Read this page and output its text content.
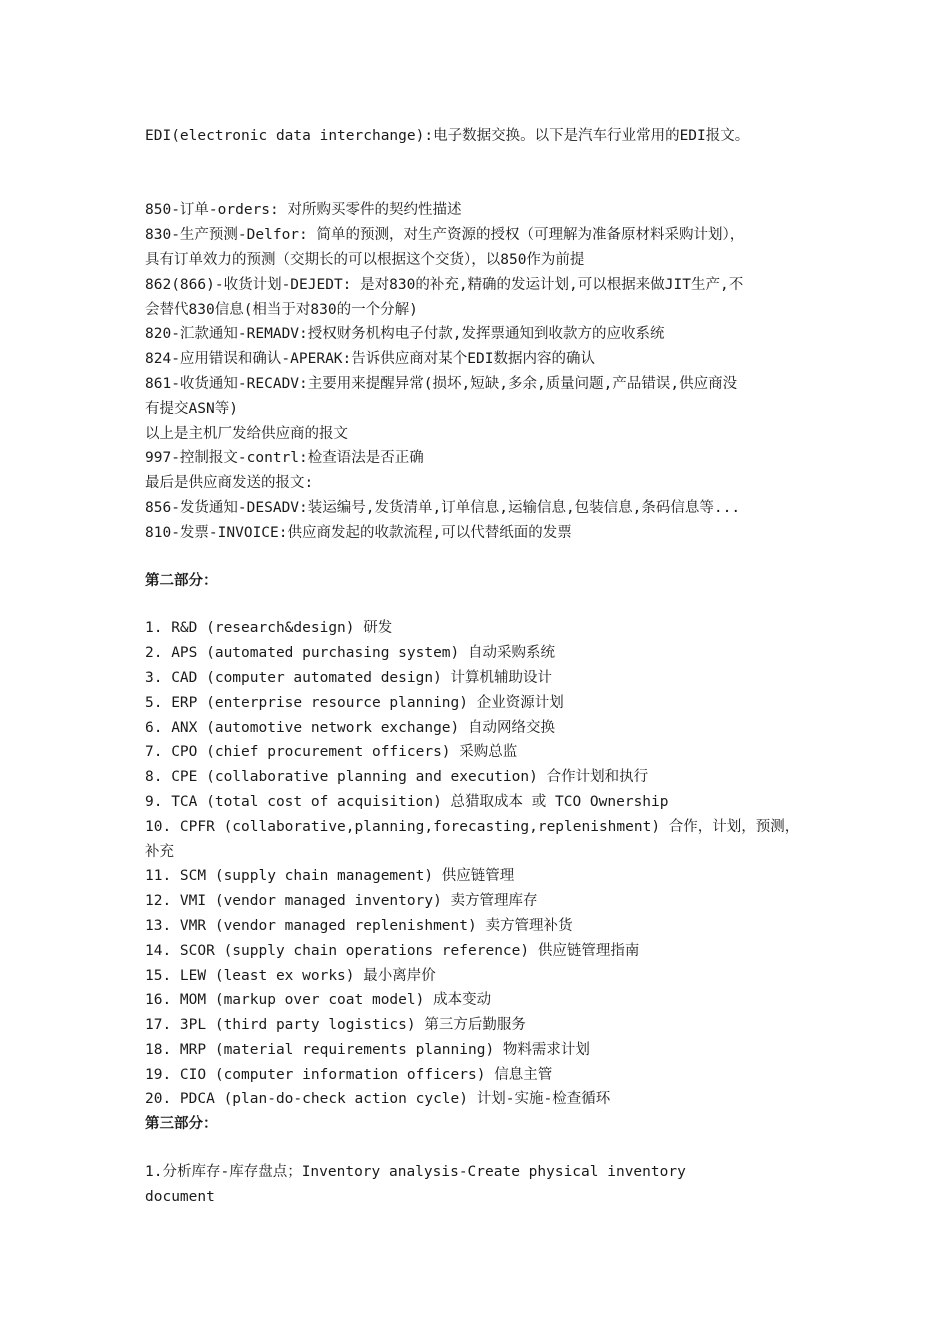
EDI(electronic data interchange):电子数据交换。以下是汽车行业常用的EDI报文。
850-订单-orders: 对所购买零件的契约性描述
830-生产预测-Delfor: 简单的预测，对生产资源的授权（可理解为准备原材料采购计划），
具有订单效力的预测（交期长的可以根据这个交货），以850作为前提
862(866)-收货计划-DEJEDT: 是对830的补充,精确的发运计划,可以根据来做JIT生产,不
会替代830信息(相当于对830的一个分解)
820-汇款通知-REMADV:授权财务机构电子付款,发挥票通知到收款方的应收系统
824-应用错误和确认-APERAK:告诉供应商对某个EDI数据内容的确认
861-收货通知-RECADV:主要用来提醒异常(损坏,短缺,多余,质量问题,产品错误,供应商没
有提交ASN等)
以上是主机厂发给供应商的报文
997-控制报文-contrl:检查语法是否正确
最后是供应商发送的报文:
856-发货通知-DESADV:装运编号,发货清单,订单信息,运输信息,包装信息,条码信息等...
810-发票-INVOICE:供应商发起的收款流程,可以代替纸面的发票
第二部分：
1. R&D (research&design) 研发
2. APS (automated purchasing system) 自动采购系统
3. CAD (computer automated design) 计算机辅助设计
5. ERP (enterprise resource planning) 企业资源计划
6. ANX (automotive network exchange) 自动网络交换
7. CPO (chief procurement officers) 采购总监
8. CPE (collaborative planning and execution) 合作计划和执行
9. TCA (total cost of acquisition) 总猎取成本 或 TCO Ownership
10. CPFR (collaborative,planning,forecasting,replenishment) 合作，计划，预测，
补充
11. SCM (supply chain management) 供应链管理
12. VMI (vendor managed inventory) 卖方管理库存
13. VMR (vendor managed replenishment) 卖方管理补货
14. SCOR (supply chain operations reference) 供应链管理指南
15. LEW (least ex works) 最小离岸价
16. MOM (markup over coat model) 成本变动
17. 3PL (third party logistics) 第三方后勤服务
18. MRP (material requirements planning) 物料需求计划
19. CIO (computer information officers) 信息主管
20. PDCA (plan-do-check action cycle) 计划-实施-检查循环
第三部分：
1.分析库存-库存盘点；Inventory analysis-Create physical inventory
document
